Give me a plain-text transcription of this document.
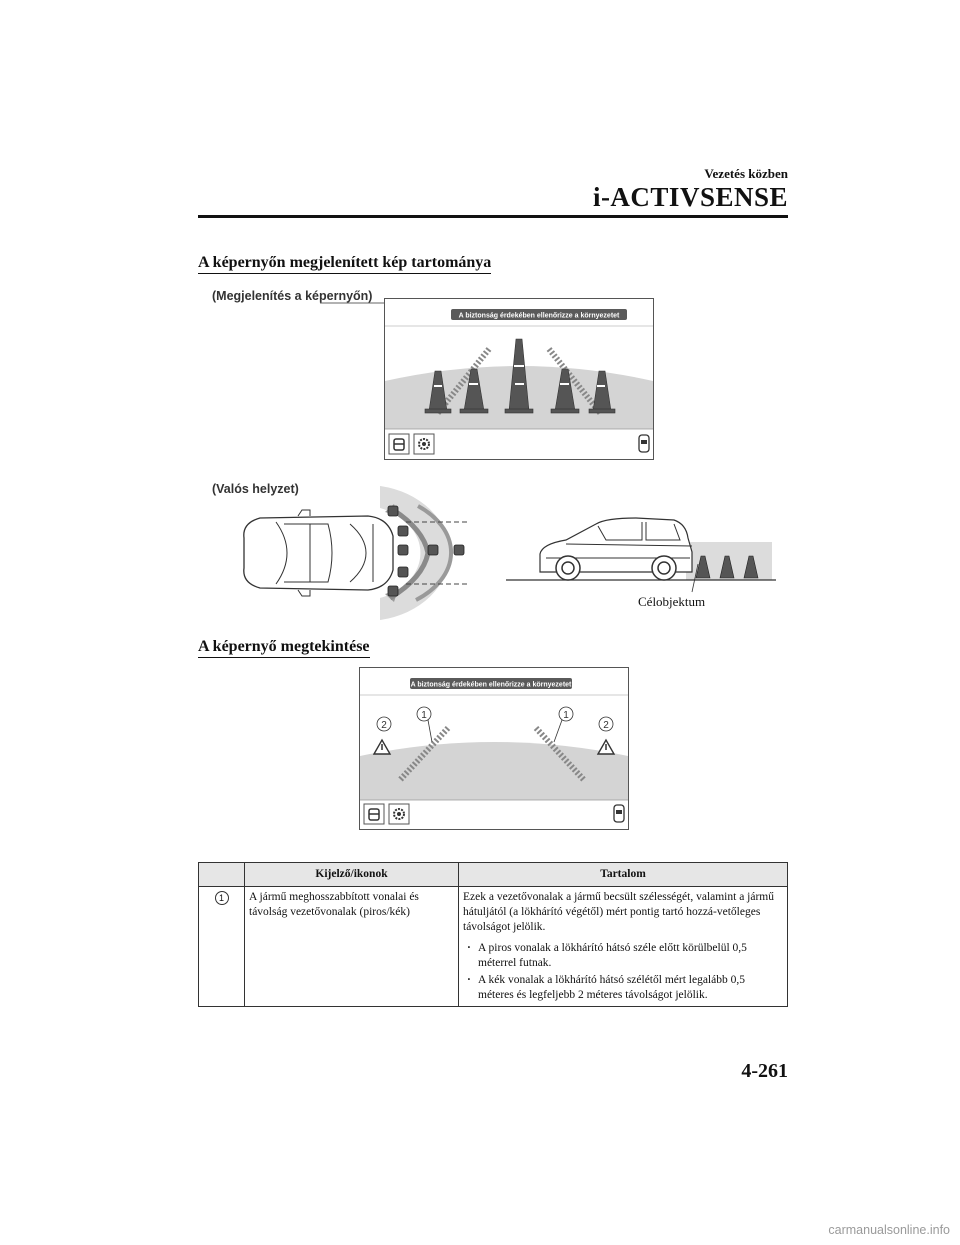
Vezetés közben
i-ACTIVSENSE
A képernyőn megjelenített kép tartománya
(Megjelenítés a képernyőn)
A biztonság érdekében ellenőrizze a környezetet
(Valós helyzet)
Célobjektum
A képernyő megtekintése
A biztonság érdekében ellenőrizze a környezetet
2
1	1
2
	Kijelző/ikonok	Tartalom
1	A jármű meghosszabbított vonalai és távolság vezetővonalak (piros/kék)	Ezek a vezetővonalak a jármű becsült szélességét, valamint a jármű hátuljától (a lökhárító végétől) mért pontig tartó hozzá-vetőleges távolságot jelölik.
· A piros vonalak a lökhárító hátsó széle előtt körülbelül 0,5 méterrel futnak.
· A kék vonalak a lökhárító hátsó szélétől mért legalább 0,5 méteres és legfeljebb 2 méteres távolságot jelölik.
4-261
carmanualsonline.info
